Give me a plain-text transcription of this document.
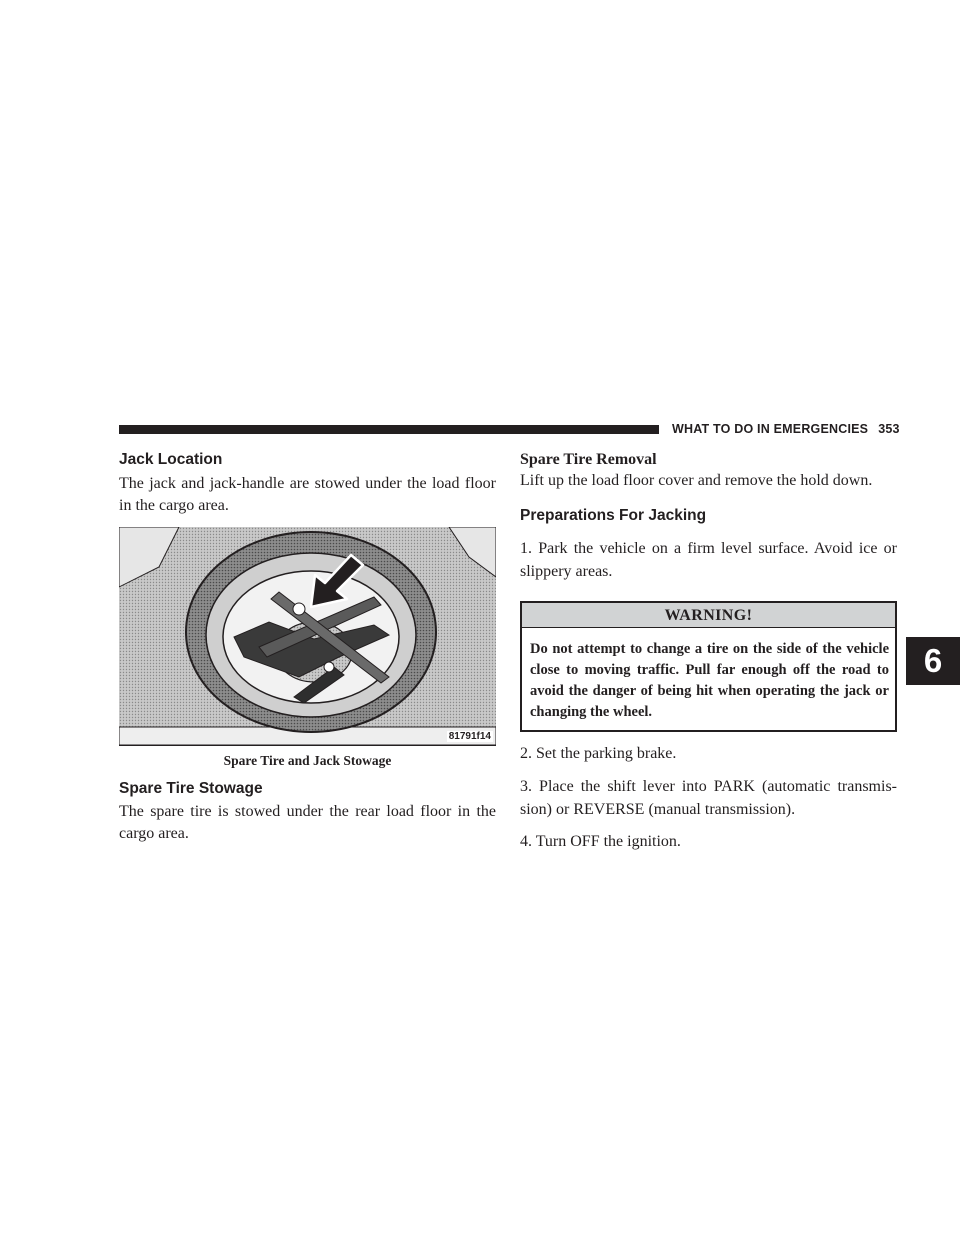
WHAT TO DO IN EMERGENCIES 353
Jack Location

The jack and jack-handle are stowed under the load floor in the cargo area.

81791f14
Spare Tire and Jack Stowage
Spare Tire Stowage

The spare tire is stowed under the rear load floor in the cargo area.

Spare Tire Removal

Lift up the load floor cover and remove the hold down.

Preparations For Jacking

1. Park the vehicle on a firm level surface. Avoid ice or slippery areas.

WARNING!
Do not attempt to change a tire on the side of the vehicle close to moving traffic. Pull far enough off the road to avoid the danger of being hit when operating the jack or changing the wheel.

2. Set the parking brake.

3. Place the shift lever into PARK (automatic transmis-sion) or REVERSE (manual transmission).

4. Turn OFF the ignition.

6
